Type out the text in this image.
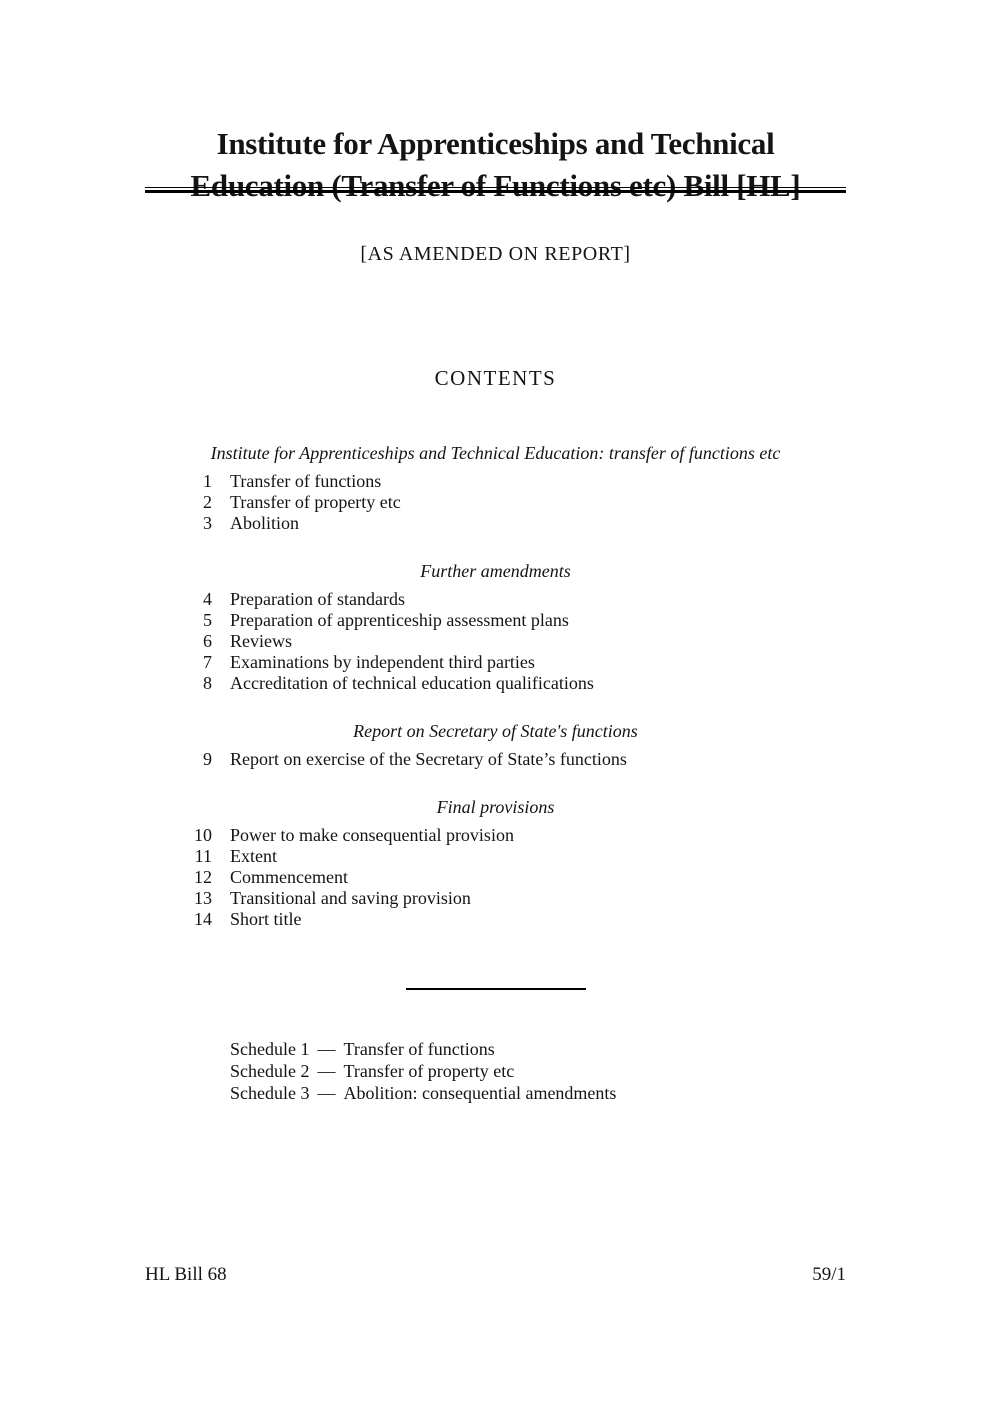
Institute for Apprenticeships and Technical
Education (Transfer of Functions etc) Bill [HL]
[AS AMENDED ON REPORT]
CONTENTS
Institute for Apprenticeships and Technical Education: transfer of functions etc
1	Transfer of functions
2	Transfer of property etc
3	Abolition
Further amendments
4	Preparation of standards
5	Preparation of apprenticeship assessment plans
6	Reviews
7	Examinations by independent third parties
8	Accreditation of technical education qualifications
Report on Secretary of State's functions
9	Report on exercise of the Secretary of State’s functions
Final provisions
10	Power to make consequential provision
11	Extent
12	Commencement
13	Transitional and saving provision
14	Short title
Schedule 1 — Transfer of functions
Schedule 2 — Transfer of property etc
Schedule 3 — Abolition: consequential amendments
HL Bill 68	59/1
